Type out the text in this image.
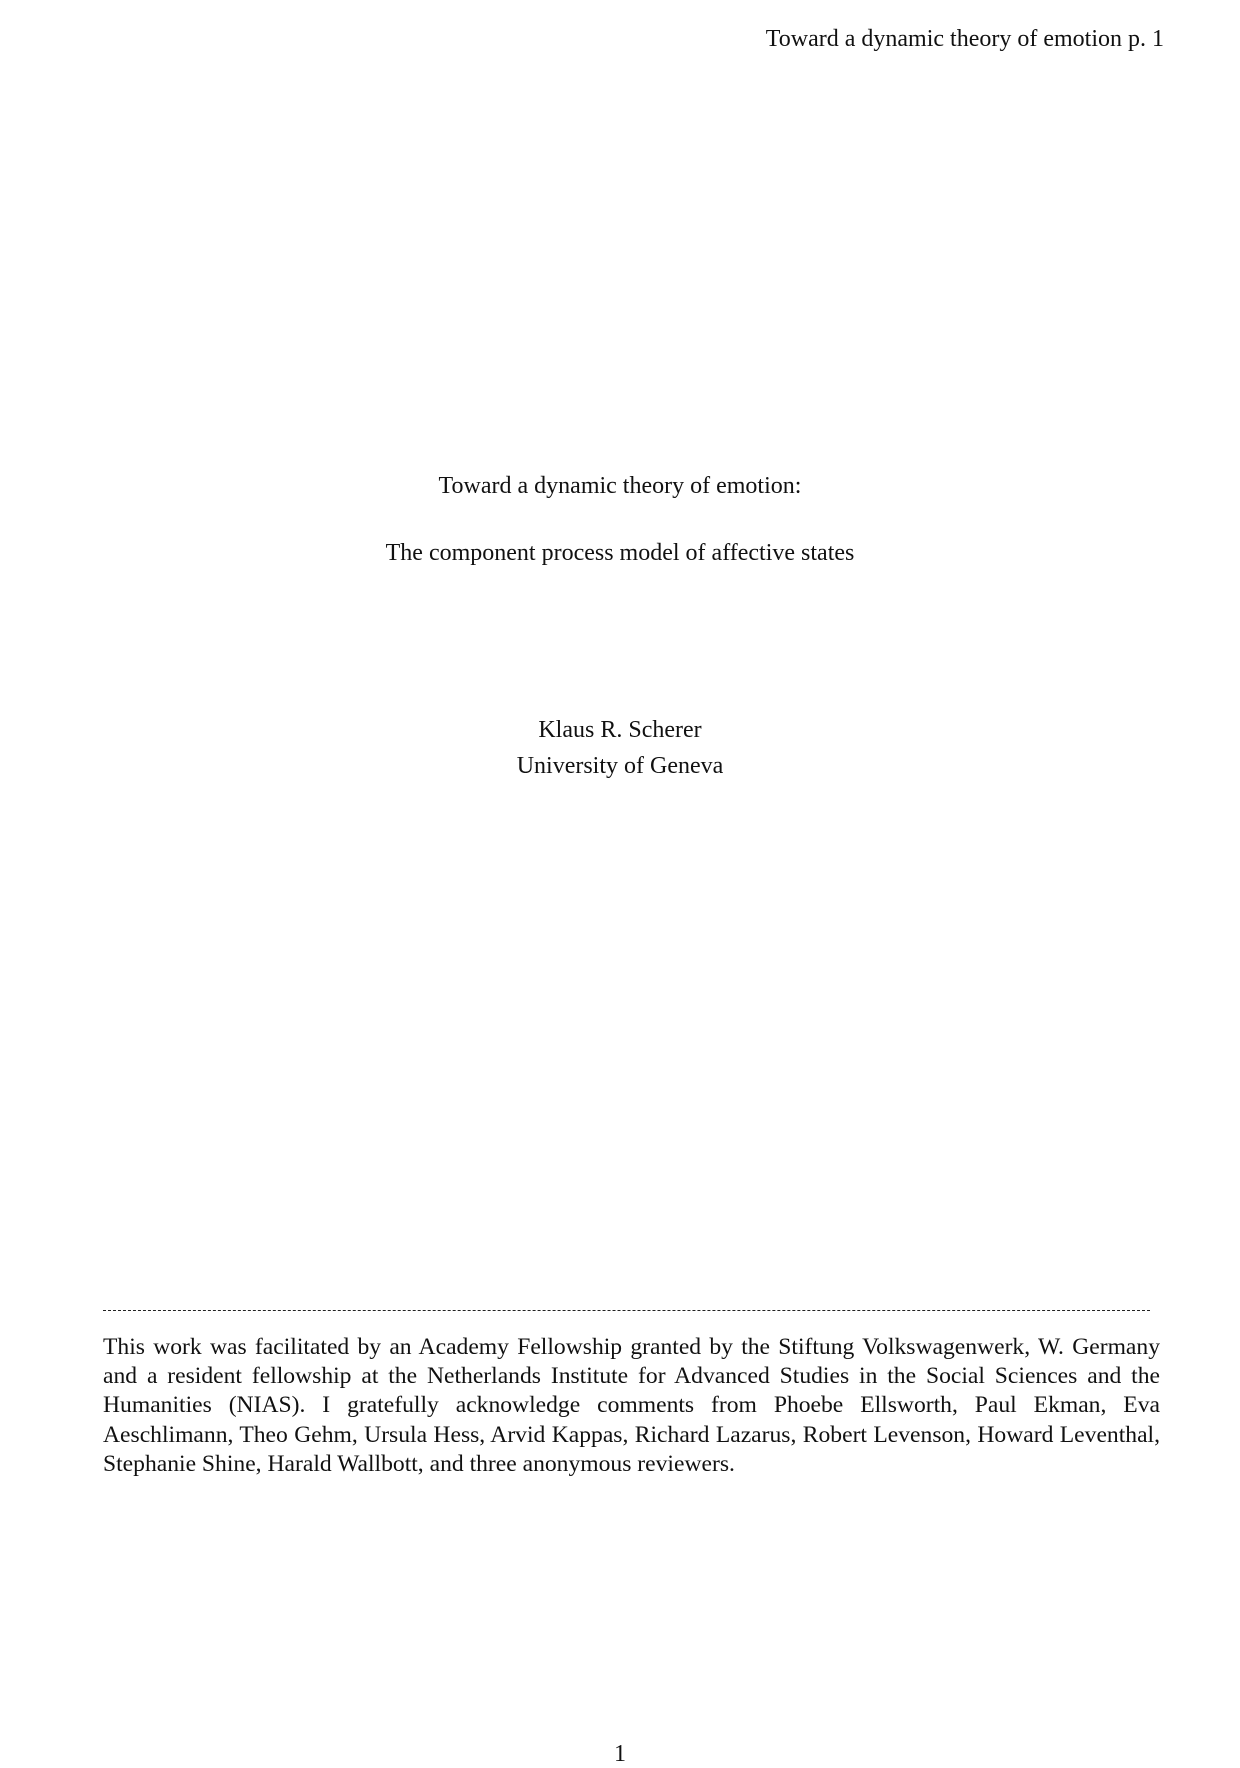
Toward a dynamic theory of emotion p. 1
Toward a dynamic theory of emotion:
The component process model of affective states
Klaus R. Scherer
University of Geneva
This work was facilitated by an Academy Fellowship granted by the Stiftung Volkswagenwerk, W. Germany and a resident fellowship at the Netherlands Institute for Advanced Studies in the Social Sciences and the Humanities (NIAS). I gratefully acknowledge comments from Phoebe Ellsworth, Paul Ekman, Eva Aeschlimann, Theo Gehm, Ursula Hess, Arvid Kappas, Richard Lazarus, Robert Levenson, Howard Leventhal, Stephanie Shine, Harald Wallbott, and three anonymous reviewers.
1
